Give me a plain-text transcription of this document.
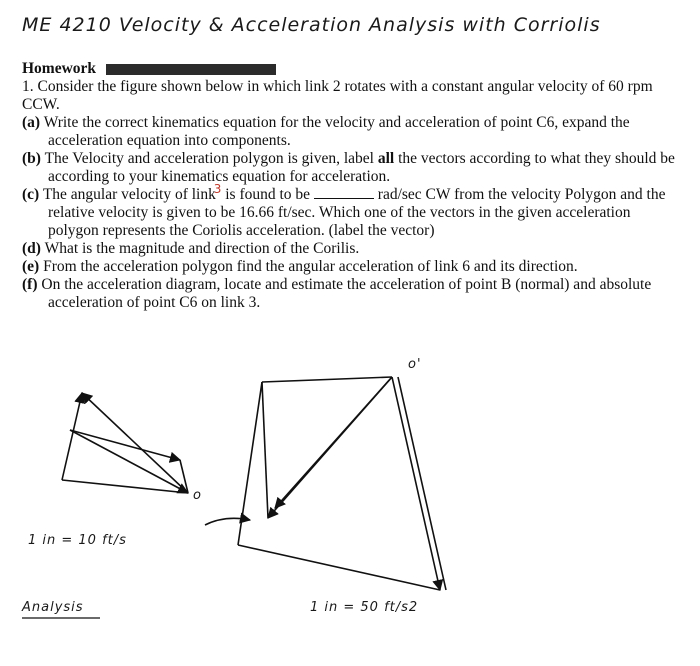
ME 4210 Velocity & Acceleration Analysis with Corriolis
Homework

1. Consider the figure shown below in which link 2 rotates with a constant angular velocity of 60 rpm CCW.

(a) Write the correct kinematics equation for the velocity and acceleration of point C6, expand the acceleration equation into components.

(b) The Velocity and acceleration polygon is given, label all the vectors according to what they should be according to your kinematics equation for acceleration.

(c) The angular velocity of link $^3$ is found to be	rad/sec CW from the velocity Polygon and the relative velocity is given to be 16.66 ft/sec. Which one of the vectors in the given acceleration polygon represents the Coriolis acceleration. (label the vector)

(d) What is the magnitude and direction of the Corilis.

(e) From the acceleration polygon find the angular acceleration of link 6 and its direction.

(f) On the acceleration diagram, locate and estimate the acceleration of point B (normal) and absolute acceleration of point C6 on link 3.

o
o'
1 in = 10 ft/s
1 in = 50 ft/s2
Analysis
